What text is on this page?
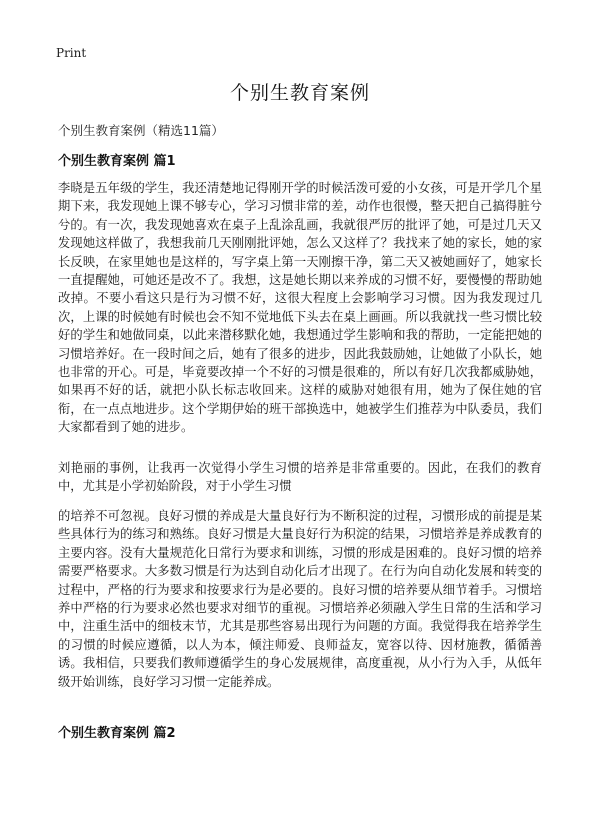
Print
个别生教育案例
个别生教育案例（精选11篇）
个别生教育案例 篇1
李晓是五年级的学生，我还清楚地记得刚开学的时候活泼可爱的小女孩，可是开学几个星期下来，我发现她上课不够专心，学习习惯非常的差，动作也很慢，整天把自己搞得脏兮兮的。有一次，我发现她喜欢在桌子上乱涂乱画，我就很严厉的批评了她，可是过几天又发现她这样做了，我想我前几天刚刚批评她，怎么又这样了？我找来了她的家长，她的家长反映，在家里她也是这样的，写字桌上第一天刚擦干净，第二天又被她画好了，她家长一直提醒她，可她还是改不了。我想，这是她长期以来养成的习惯不好，要慢慢的帮助她改掉。不要小看这只是行为习惯不好，这很大程度上会影响学习习惯。因为我发现过几次，上课的时候她有时候也会不知不觉地低下头去在桌上画画。所以我就找一些习惯比较好的学生和她做同桌，以此来潜移默化她，我想通过学生影响和我的帮助，一定能把她的习惯培养好。在一段时间之后，她有了很多的进步，因此我鼓励她，让她做了小队长，她也非常的开心。可是，毕竟要改掉一个不好的习惯是很难的，所以有好几次我都威胁她，如果再不好的话，就把小队长标志收回来。这样的威胁对她很有用，她为了保住她的官衔，在一点点地进步。这个学期伊始的班干部换选中，她被学生们推荐为中队委员，我们大家都看到了她的进步。
刘艳丽的事例，让我再一次觉得小学生习惯的培养是非常重要的。因此，在我们的教育中，尤其是小学初始阶段，对于小学生习惯
的培养不可忽视。良好习惯的养成是大量良好行为不断积淀的过程，习惯形成的前提是某些具体行为的练习和熟练。良好习惯是大量良好行为积淀的结果，习惯培养是养成教育的主要内容。没有大量规范化日常行为要求和训练，习惯的形成是困难的。良好习惯的培养需要严格要求。大多数习惯是行为达到自动化后才出现了。在行为向自动化发展和转变的过程中，严格的行为要求和按要求行为是必要的。良好习惯的培养要从细节着手。习惯培养中严格的行为要求必然也要求对细节的重视。习惯培养必须融入学生日常的生活和学习中，注重生活中的细枝末节，尤其是那些容易出现行为问题的方面。我觉得我在培养学生的习惯的时候应遵循，以人为本，倾注师爱、良师益友，宽容以待、因材施教，循循善诱。我相信，只要我们教师遵循学生的身心发展规律，高度重视，从小行为入手，从低年级开始训练，良好学习习惯一定能养成。
个别生教育案例 篇2
